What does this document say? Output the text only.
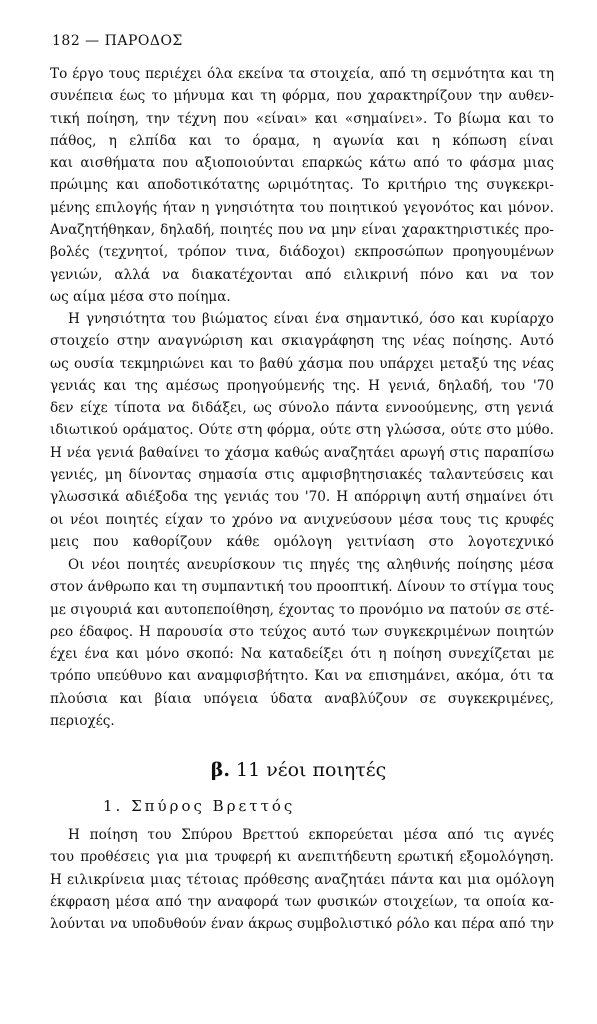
182 — ΠΑΡΟΔΟΣ
Το έργο τους περιέχει όλα εκείνα τα στοιχεία, από τη σεμνότητα και τη
συνέπεια έως το μήνυμα και τη φόρμα, που χαρακτηρίζουν την αυθεν-
τική ποίηση, την τέχνη που «είναι» και «σημαίνει». Το βίωμα και το
πάθος, η ελπίδα και το όραμα, η αγωνία και η κόπωση είναι
και αισθήματα που αξιοποιούνται επαρκώς κάτω από το φάσμα μιας
πρώιμης και αποδοτικότατης ωριμότητας. Το κριτήριο της συγκεκρι-
μένης επιλογής ήταν η γνησιότητα του ποιητικού γεγονότος και μόνον.
Αναζητήθηκαν, δηλαδή, ποιητές που να μην είναι χαρακτηριστικές προ-
βολές (τεχνητοί, τρόπον τινα, διάδοχοι) εκπροσώπων προηγουμένων
γενιών, αλλά να διακατέχονται από ειλικρινή πόνο και να τον
ως αίμα μέσα στο ποίημα.
Η γνησιότητα του βιώματος είναι ένα σημαντικό, όσο και κυρίαρχο
στοιχείο στην αναγνώριση και σκιαγράφηση της νέας ποίησης. Αυτό
ως ουσία τεκμηριώνει και το βαθύ χάσμα που υπάρχει μεταξύ της νέας
γενιάς και της αμέσως προηγούμενής της. Η γενιά, δηλαδή, του '70
δεν είχε τίποτα να διδάξει, ως σύνολο πάντα εννοούμενης, στη γενιά
ιδιωτικού οράματος. Ούτε στη φόρμα, ούτε στη γλώσσα, ούτε στο μύθο.
Η νέα γενιά βαθαίνει το χάσμα καθώς αναζητάει αρωγή στις παραπίσω
γενιές, μη δίνοντας σημασία στις αμφισβητησιακές ταλαντεύσεις και
γλωσσικά αδιέξοδα της γενιάς του '70. Η απόρριψη αυτή σημαίνει ότι
οι νέοι ποιητές είχαν το χρόνο να ανιχνεύσουν μέσα τους τις κρυφές
μεις που καθορίζουν κάθε ομόλογη γειτνίαση στο λογοτεχνικό
Οι νέοι ποιητές ανευρίσκουν τις πηγές της αληθινής ποίησης μέσα
στον άνθρωπο και τη συμπαντική του προοπτική. Δίνουν το στίγμα τους
με σιγουριά και αυτοπεποίθηση, έχοντας το προνόμιο να πατούν σε στέ-
ρεο έδαφος. Η παρουσία στο τεύχος αυτό των συγκεκριμένων ποιητών
έχει ένα και μόνο σκοπό: Να καταδείξει ότι η ποίηση συνεχίζεται με
τρόπο υπεύθυνο και αναμφισβήτητο. Και να επισημάνει, ακόμα, ότι τα
πλούσια και βίαια υπόγεια ύδατα αναβλύζουν σε συγκεκριμένες,
περιοχές.
β. 11 νέοι ποιητές
1. Σπύρος Βρεττός
Η ποίηση του Σπύρου Βρεττού εκπορεύεται μέσα από τις αγνές
του προθέσεις για μια τρυφερή κι ανεπιτήδευτη ερωτική εξομολόγηση.
Η ειλικρίνεια μιας τέτοιας πρόθεσης αναζητάει πάντα και μια ομόλογη
έκφραση μέσα από την αναφορά των φυσικών στοιχείων, τα οποία κα-
λούνται να υποδυθούν έναν άκρως συμβολιστικό ρόλο και πέρα από την
